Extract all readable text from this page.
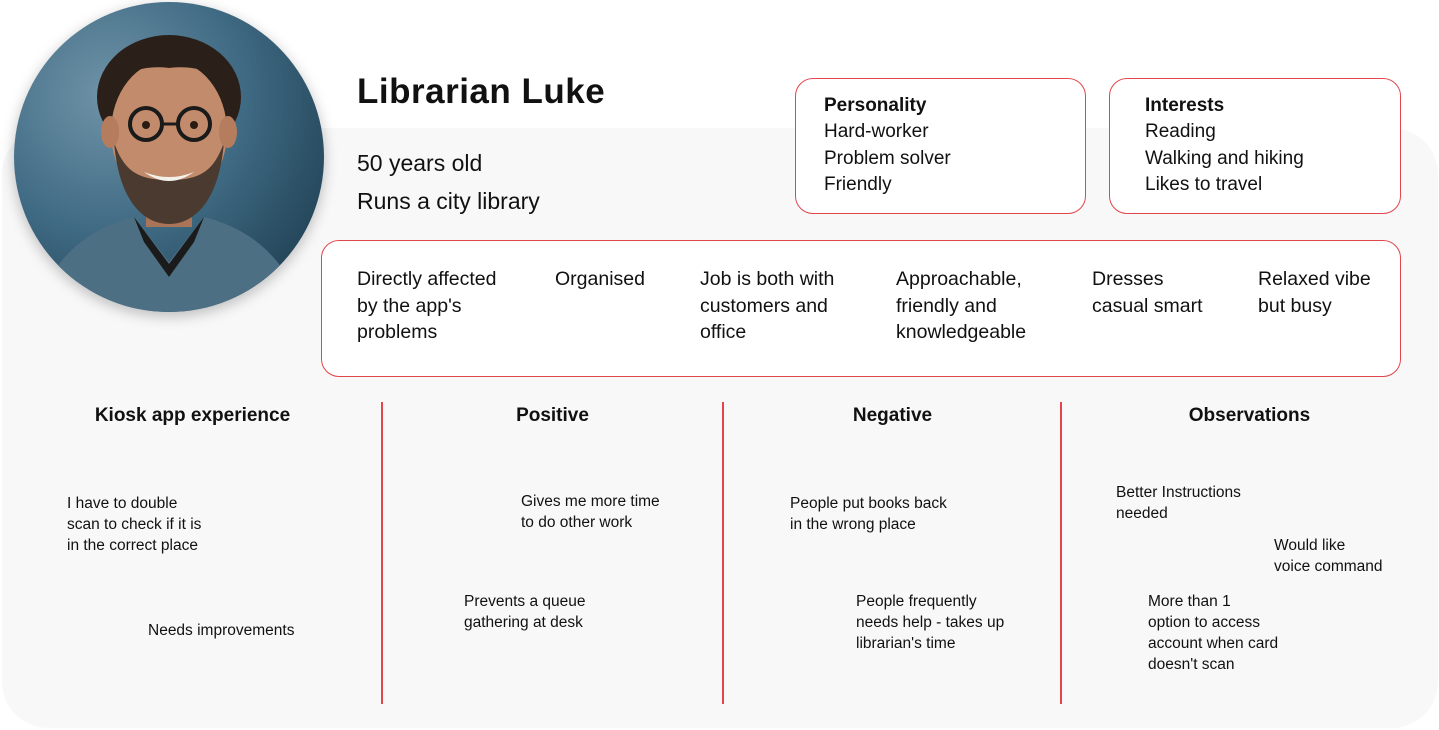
Librarian Luke
50 years old
Runs a city library

Personality

Hard-worker

Problem solver

Friendly

Interests

Reading

Walking and hiking

Likes to travel

Directly affected
by the app's
problems

Organised	Job is both with
customers and
office

Approachable,
friendly and
knowledgeable

Dresses
casual smart

Relaxed vibe
but busy

Kiosk app experience	Positive	Negative	Observations

I have to double
scan to check if it is
in the correct place

Needs improvements

Gives me more time
to do other work

Prevents a queue
gathering at desk

People put books back
in the wrong place

People frequently
needs help - takes up
librarian's time

Better Instructions
needed

Would like
voice command

More than 1
option to access
account when card
doesn't scan
